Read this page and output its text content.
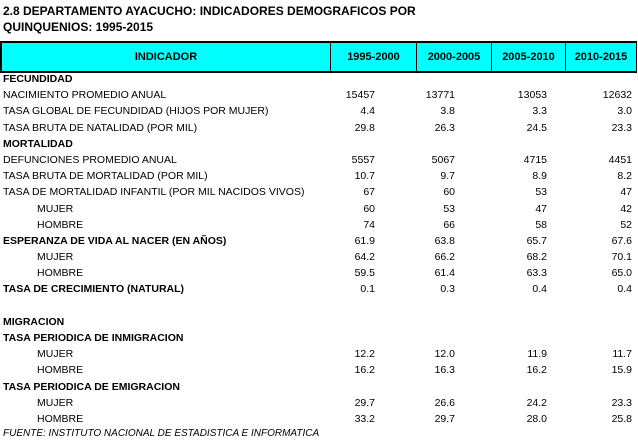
2.8 DEPARTAMENTO AYACUCHO: INDICADORES DEMOGRAFICOS POR
QUINQUENIOS: 1995-2015
INDICADOR	1995-2000	2000-2005	2005-2010	2010-2015
FECUNDIDAD
NACIMIENTO PROMEDIO ANUAL	15457	13771	13053	12632
TASA GLOBAL DE FECUNDIDAD (HIJOS POR MUJER)	4.4	3.8	3.3	3.0
TASA BRUTA DE NATALIDAD (POR MIL)	29.8	26.3	24.5	23.3
MORTALIDAD
DEFUNCIONES PROMEDIO ANUAL	5557	5067	4715	4451
TASA BRUTA DE MORTALIDAD (POR MIL)	10.7	9.7	8.9	8.2
TASA DE MORTALIDAD INFANTIL (POR MIL NACIDOS VIVOS)	67	60	53	47
MUJER	60	53	47	42
HOMBRE	74	66	58	52
ESPERANZA DE VIDA AL NACER (EN AÑOS)	61.9	63.8	65.7	67.6
MUJER	64.2	66.2	68.2	70.1
HOMBRE	59.5	61.4	63.3	65.0
TASA DE CRECIMIENTO (NATURAL)	0.1	0.3	0.4	0.4
MIGRACION
TASA PERIODICA DE INMIGRACION
MUJER	12.2	12.0	11.9	11.7
HOMBRE	16.2	16.3	16.2	15.9
TASA PERIODICA DE EMIGRACION
MUJER	29.7	26.6	24.2	23.3
HOMBRE	33.2	29.7	28.0	25.8
FUENTE: INSTITUTO NACIONAL DE ESTADISTICA E INFORMATICA
